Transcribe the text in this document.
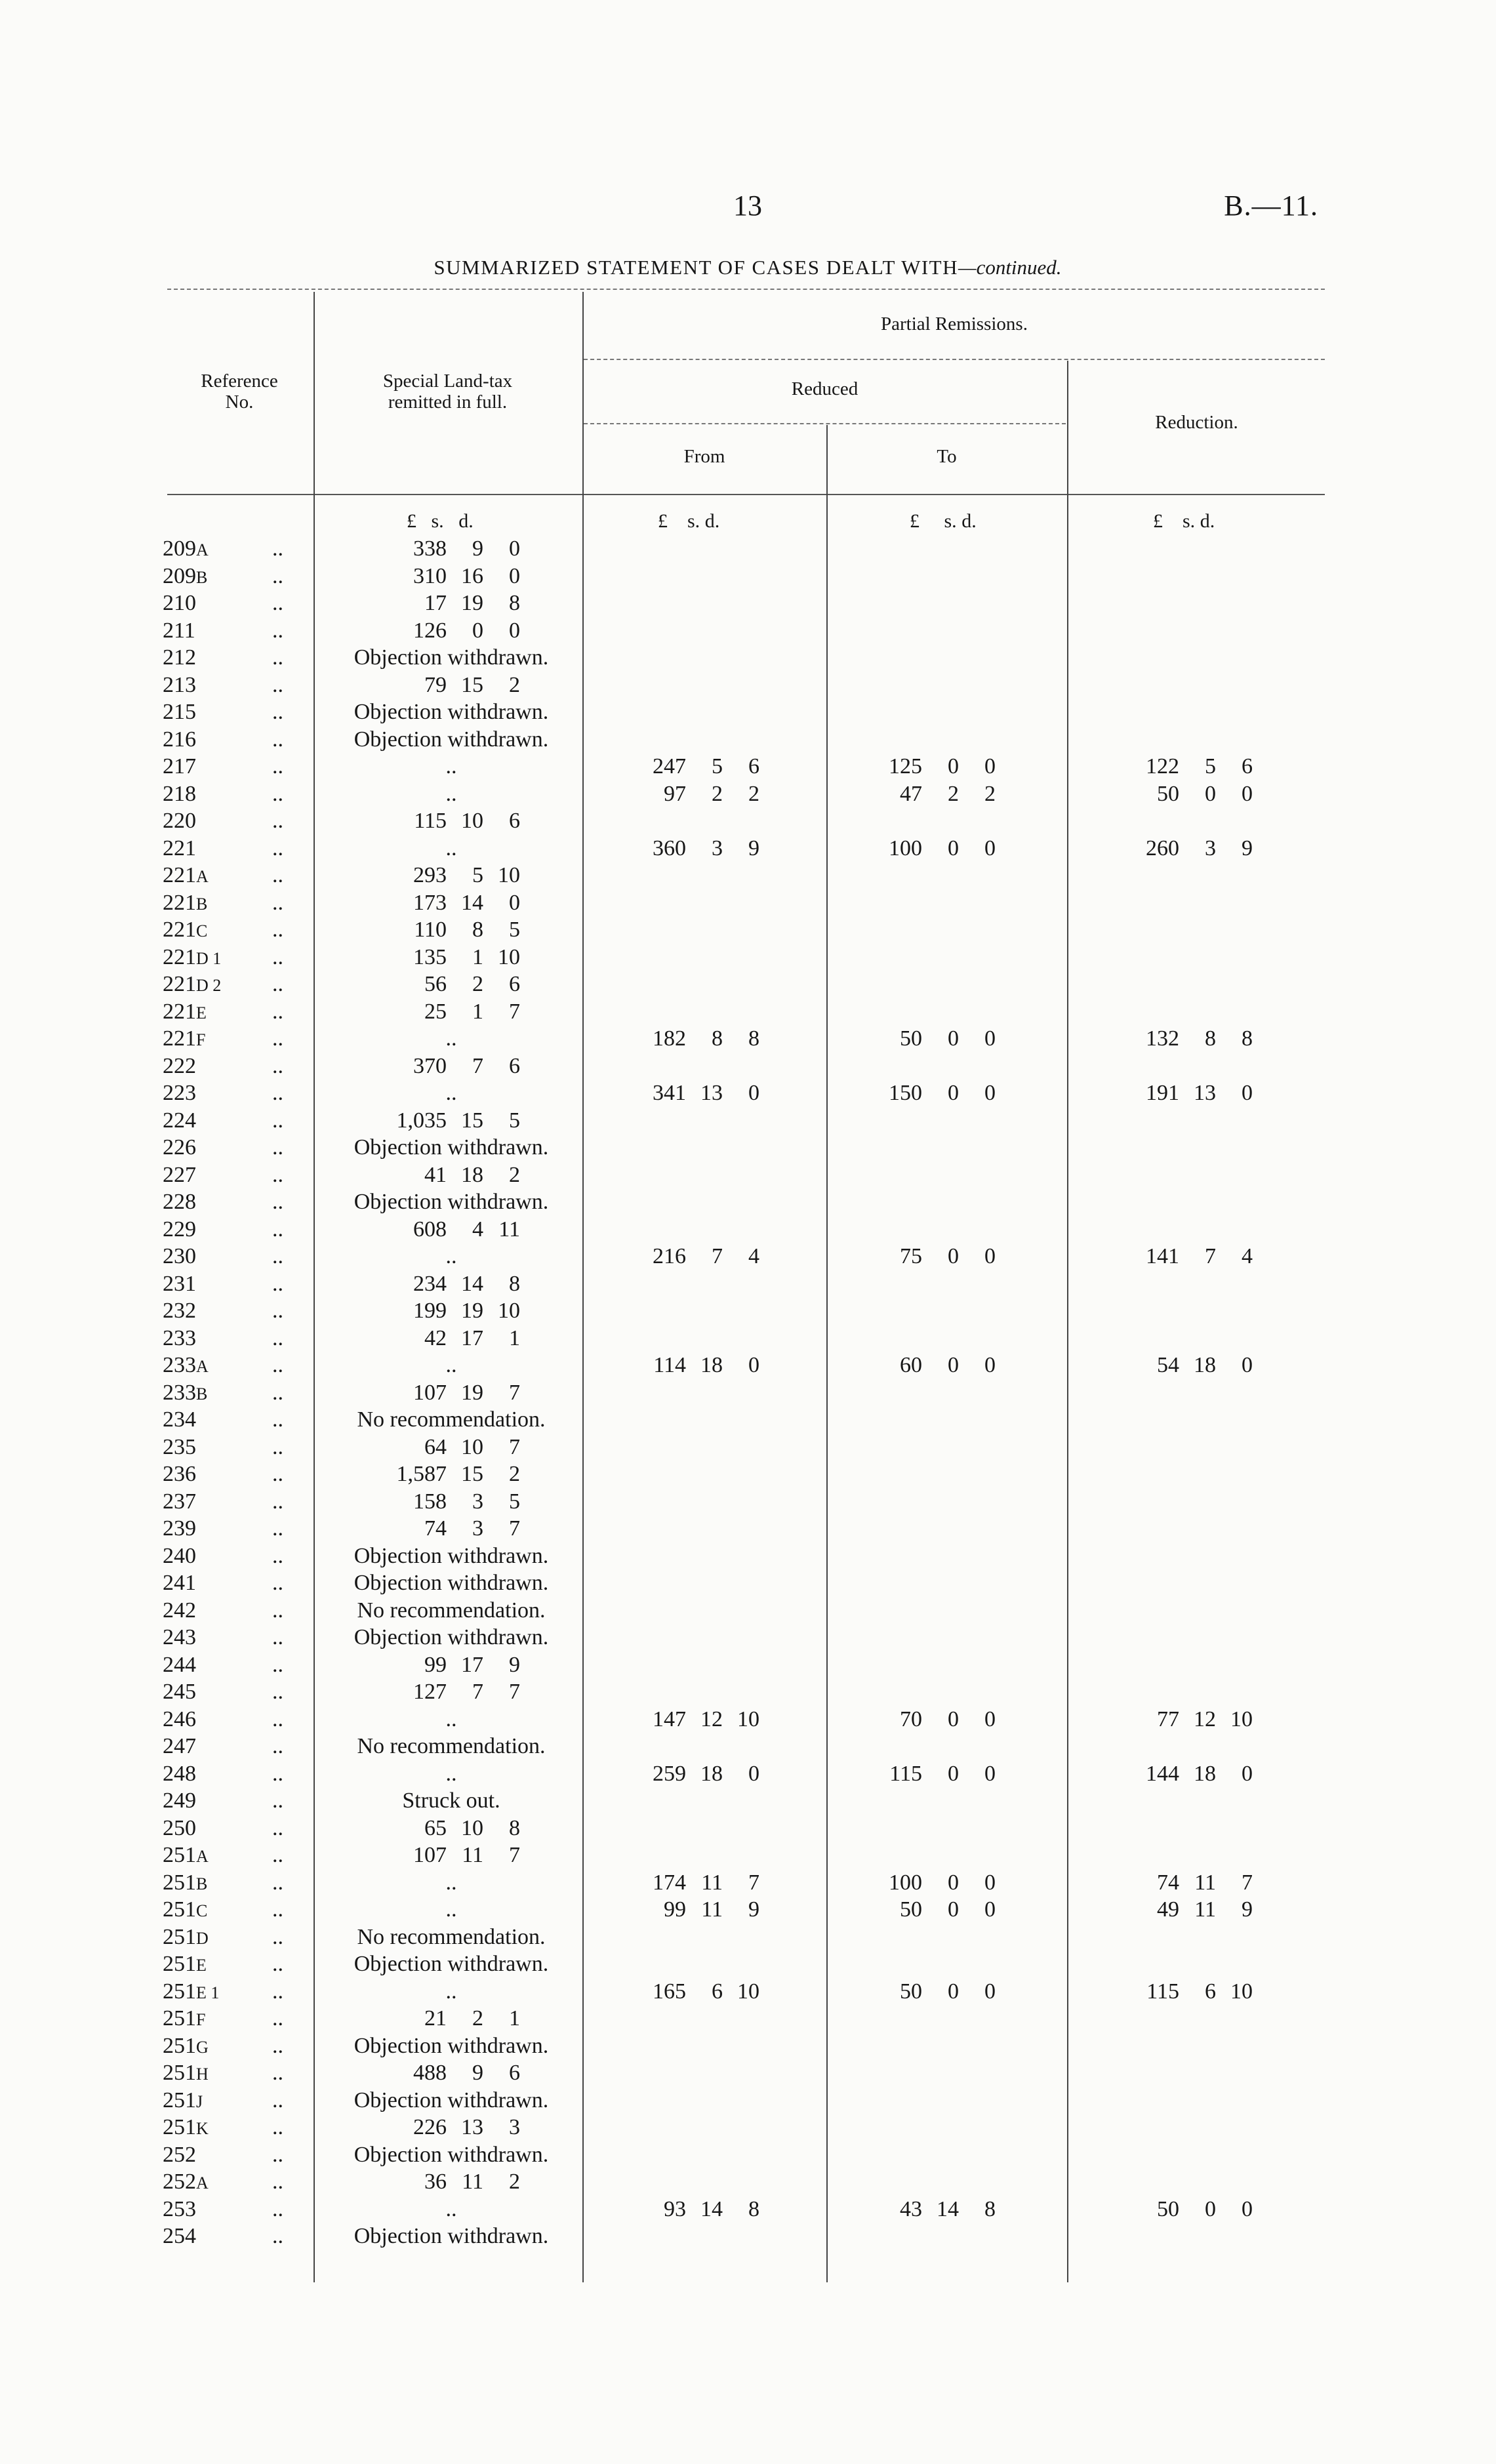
13	B.—11.
SUMMARIZED STATEMENT OF CASES DEALT WITH—continued.
Reference
No.
Special Land-tax
remitted in full.
Partial Remissions.
Reduced
From	To
Reduction.
£ s. d.	£ s. d.	£ s. d.	£ s. d.
209A	..	338 9 0
209B	..	310 16 0
210	..	17 19 8
211	..	126 0 0
212	..	Objection withdrawn.
213	..	79 15 2
215	..	Objection withdrawn.
216	..	Objection withdrawn.
217	..	..	247 5 6	125 0 0	122 5 6
218	..	..	97 2 2	47 2 2	50 0 0
220	..	115 10 6
221	..	..	360 3 9	100 0 0	260 3 9
221A	..	293 5 10
221B	..	173 14 0
221C	..	110 8 5
221D 1 ..	135 1 10
221D 2 ..	56 2 6
221E	..	25 1 7
221F	..	..	182 8 8	50 0 0	132 8 8
222	..	370 7 6
223	..	..	341 13 0	150 0 0	191 13 0
224	..	1,035 15 5
226	..	Objection withdrawn.
227	..	41 18 2
228	..	Objection withdrawn.
229	..	608 4 11
230	..	..	216 7 4	75 0 0	141 7 4
231	..	234 14 8
232	..	199 19 10
233	..	42 17 1
233A	..	..	114 18 0	60 0 0	54 18 0
233B	..	107 19 7
234	..	No recommendation.
235	..	64 10 7
236	..	1,587 15 2
237	..	158 3 5
239	..	74 3 7
240	..	Objection withdrawn.
241	..	Objection withdrawn.
242	..	No recommendation.
243	..	Objection withdrawn.
244	..	99 17 9
245	..	127 7 7
246	..	..	147 12 10	70 0 0	77 12 10
247	..	No recommendation.
248	..	..	259 18 0	115 0 0	144 18 0
249	..	Struck out.
250	..	65 10 8
251A	..	107 11 7
251B	..	..	174 11 7	100 0 0	74 11 7
251C	..	..	99 11 9	50 0 0	49 11 9
251D	..	No recommendation.
251E	..	Objection withdrawn.
251E 1 ..	..	165 6 10	50 0 0	115 6 10
251F	..	21 2 1
251G	..	Objection withdrawn.
251H	..	488 9 6
251J	..	Objection withdrawn.
251K	..	226 13 3
252	..	Objection withdrawn.
252A	..	36 11 2
253	..	..	93 14 8	43 14 8	50 0 0
254	..	Objection withdrawn.
